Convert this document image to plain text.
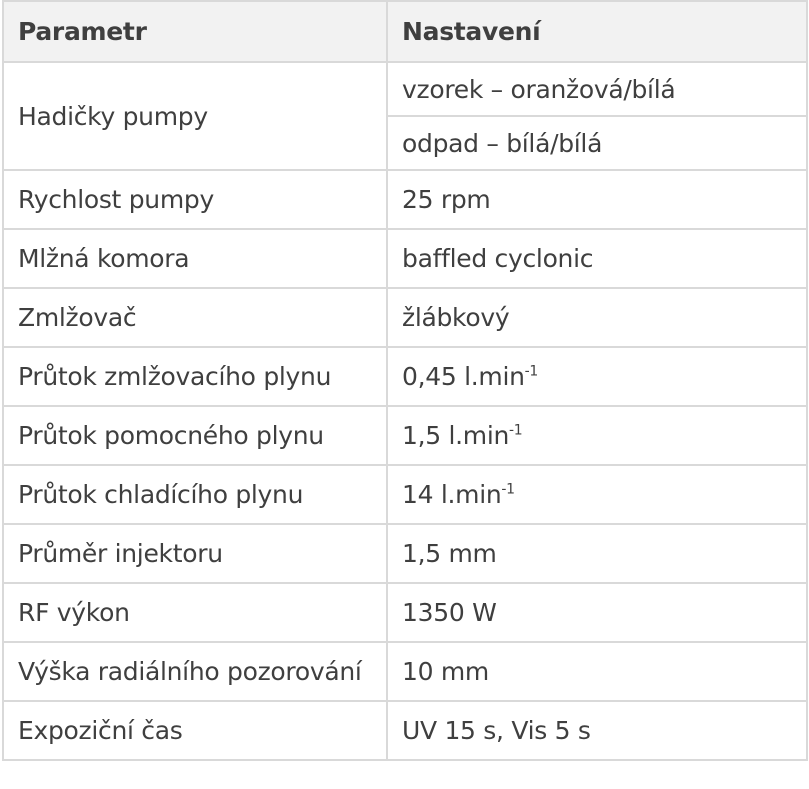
Parametr	Nastavení
Hadičky pumpy	vzorek – oranžová/bílá
	odpad – bílá/bílá
Rychlost pumpy	25 rpm
Mlžná komora	baffled cyclonic
Zmlžovač	žlábkový
Průtok zmlžovacího plynu	0,45 $l.\min^{-1}$
Průtok pomocného plynu	1,5 $l.\min^{-1}$
Průtok chladícího plynu	14 $l.\min^{-1}$
Průměr injektoru	1,5 mm
RF výkon	1350 W
Výška radiálního pozorování	10 mm
Expoziční čas	UV 15 s, Vis 5 s
